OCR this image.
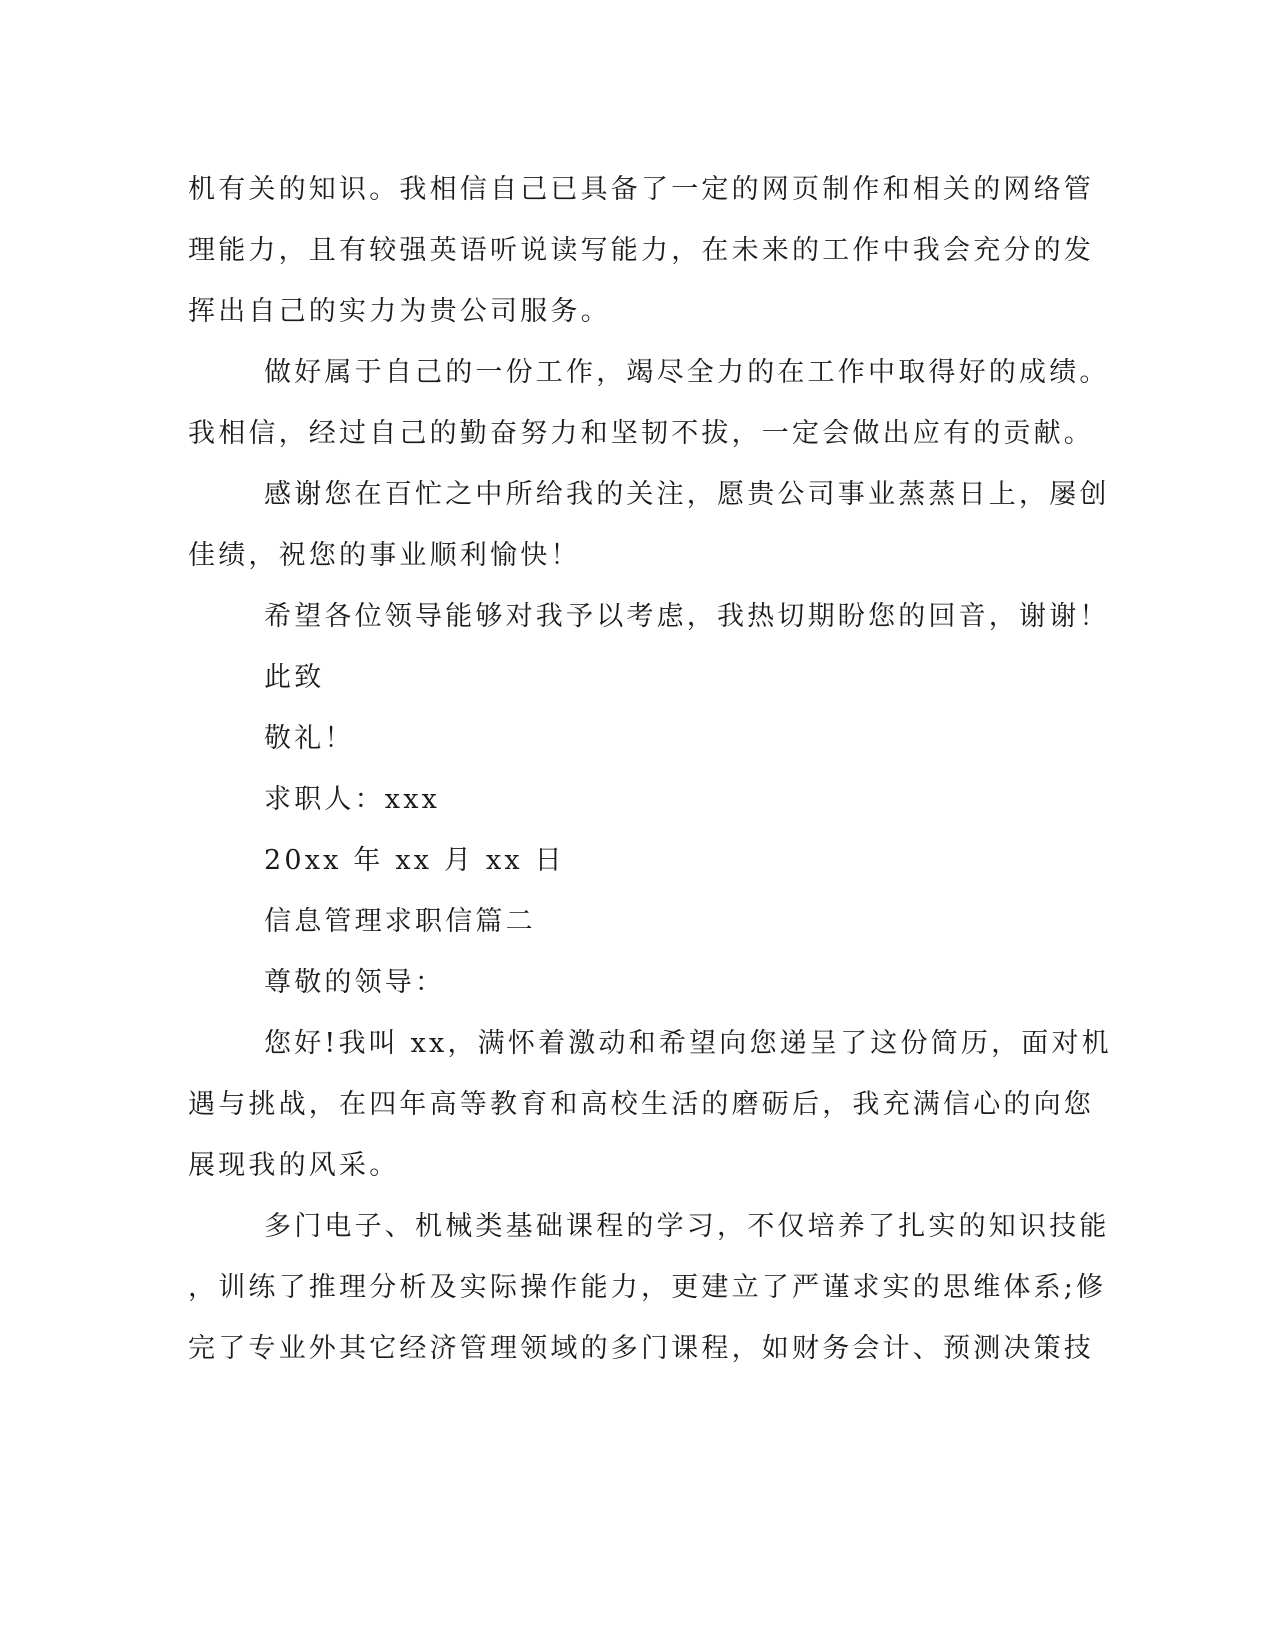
机有关的知识。我相信自己已具备了一定的网页制作和相关的网络管
理能力，且有较强英语听说读写能力，在未来的工作中我会充分的发
挥出自己的实力为贵公司服务。
做好属于自己的一份工作，竭尽全力的在工作中取得好的成绩。
我相信，经过自己的勤奋努力和坚韧不拔，一定会做出应有的贡献。
感谢您在百忙之中所给我的关注，愿贵公司事业蒸蒸日上，屡创
佳绩，祝您的事业顺利愉快！
希望各位领导能够对我予以考虑，我热切期盼您的回音，谢谢！
此致
敬礼！
求职人：xxx
20xx 年 xx 月 xx 日
信息管理求职信篇二
尊敬的领导：
您好!我叫 xx，满怀着激动和希望向您递呈了这份简历，面对机
遇与挑战，在四年高等教育和高校生活的磨砺后，我充满信心的向您
展现我的风采。
多门电子、机械类基础课程的学习，不仅培养了扎实的知识技能
，训练了推理分析及实际操作能力，更建立了严谨求实的思维体系;修
完了专业外其它经济管理领域的多门课程，如财务会计、预测决策技
